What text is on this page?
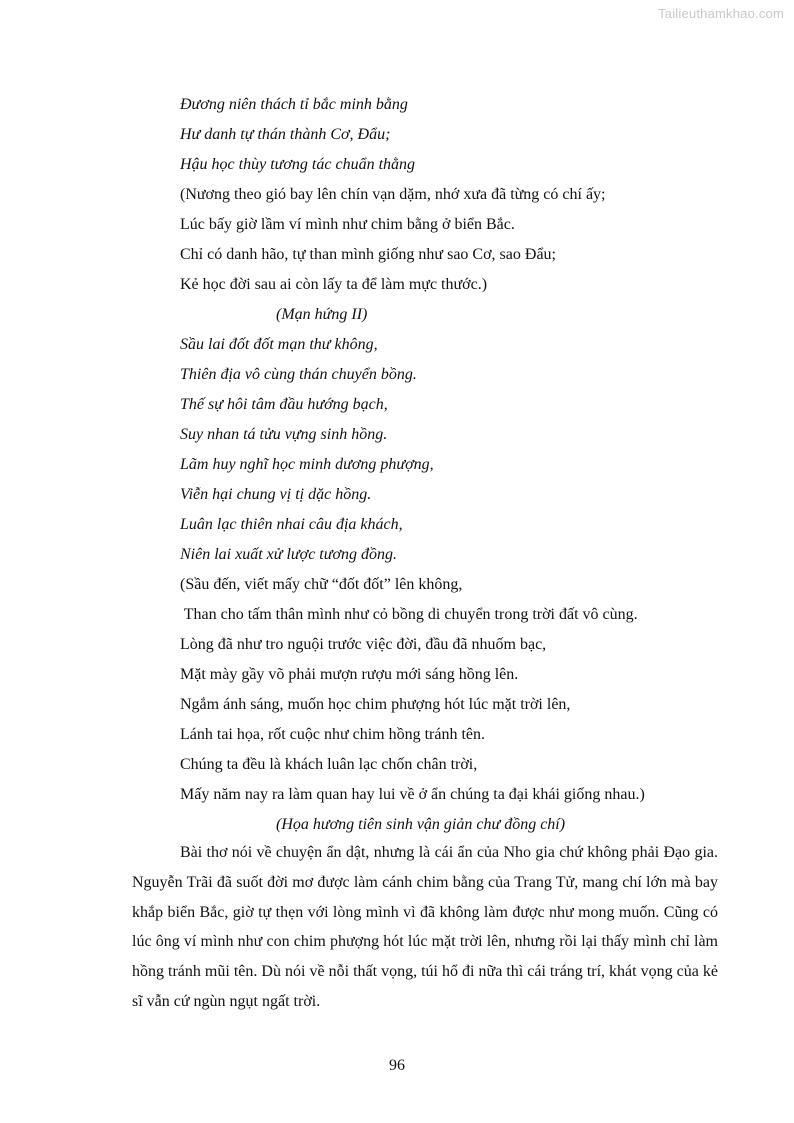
Tailieuthamkhao.com
Đương niên thách tỉ bắc minh bằng
Hư danh tự thán thành Cơ, Đẩu;
Hậu học thùy tương tác chuẩn thằng
(Nương theo gió bay lên chín vạn dặm, nhớ xưa đã từng có chí ấy;
Lúc bấy giờ lầm ví mình như chim bằng ở biển Bắc.
Chỉ có danh hão, tự than mình giống như sao Cơ, sao Đẩu;
Kẻ học đời sau ai còn lấy ta để làm mực thước.)
(Mạn hứng II)
Sầu lai đốt đốt mạn thư không,
Thiên địa vô cùng thán chuyển bồng.
Thế sự hôi tâm đầu hướng bạch,
Suy nhan tá tửu vựng sinh hồng.
Lãm huy nghĩ học minh dương phượng,
Viễn hại chung vị tị dặc hồng.
Luân lạc thiên nhai câu địa khách,
Niên lai xuất xử lược tương đồng.
(Sầu đến, viết mấy chữ “đốt đốt” lên không,
Than cho tấm thân mình như cỏ bồng di chuyển trong trời đất vô cùng.
Lòng đã như tro nguội trước việc đời, đầu đã nhuốm bạc,
Mặt mày gầy võ phải mượn rượu mới sáng hồng lên.
Ngắm ánh sáng, muốn học chim phượng hót lúc mặt trời lên,
Lánh tai họa, rốt cuộc như chim hồng tránh tên.
Chúng ta đều là khách luân lạc chốn chân trời,
Mấy năm nay ra làm quan hay lui về ở ẩn chúng ta đại khái giống nhau.)
(Họa hương tiên sinh vận giản chư đồng chí)
Bài thơ nói về chuyện ẩn dật, nhưng là cái ẩn của Nho gia chứ không phải Đạo gia. Nguyễn Trãi đã suốt đời mơ được làm cánh chim bằng của Trang Tử, mang chí lớn mà bay khắp biển Bắc, giờ tự thẹn với lòng mình vì đã không làm được như mong muốn. Cũng có lúc ông ví mình như con chim phượng hót lúc mặt trời lên, nhưng rồi lại thấy mình chỉ làm hồng tránh mũi tên. Dù nói về nỗi thất vọng, túi hổ đi nữa thì cái tráng trí, khát vọng của kẻ sĩ vẫn cứ ngùn ngụt ngất trời.
96
